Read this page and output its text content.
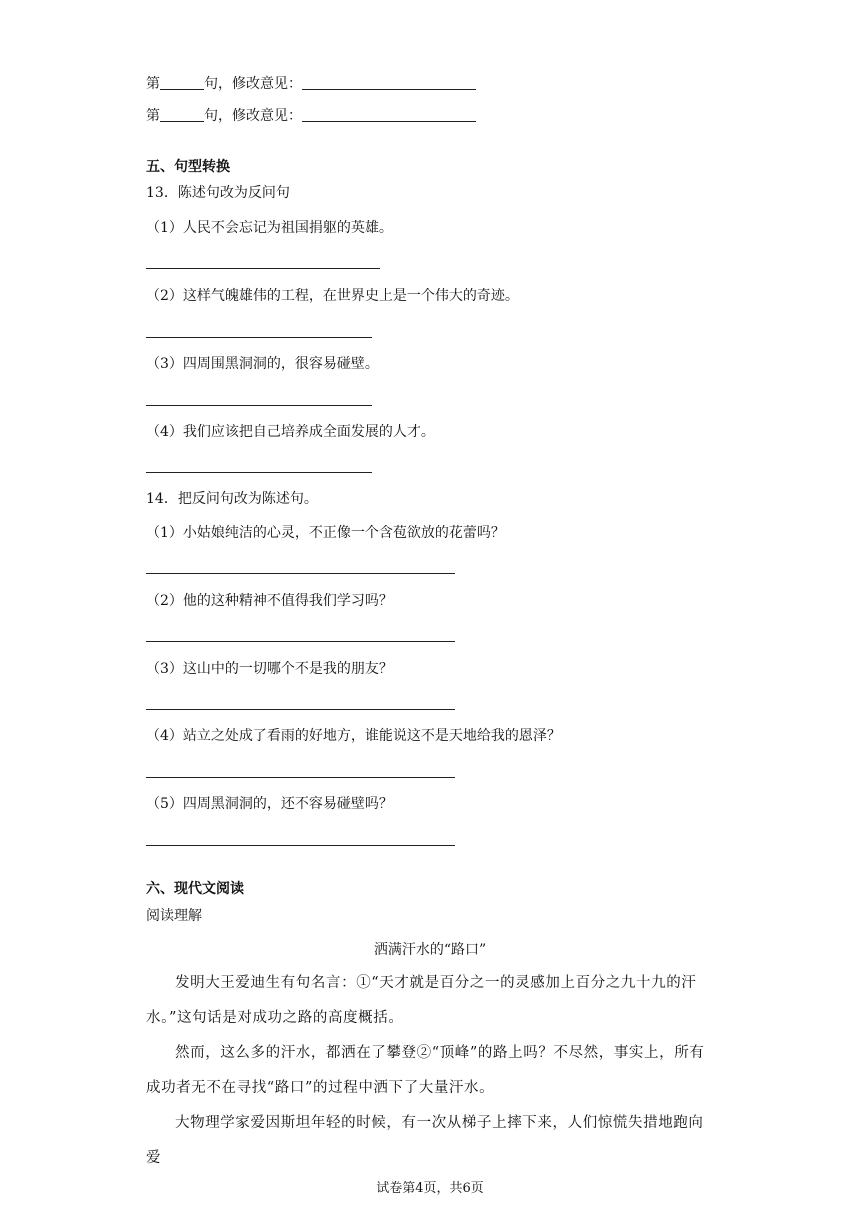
第	句，修改意见：
第	句，修改意见：
五、句型转换
13．陈述句改为反问句
（1）人民不会忘记为祖国捐躯的英雄。
（2）这样气魄雄伟的工程，在世界史上是一个伟大的奇迹。
（3）四周围黑洞洞的，很容易碰壁。
（4）我们应该把自己培养成全面发展的人才。
14．把反问句改为陈述句。
（1）小姑娘纯洁的心灵，不正像一个含苞欲放的花蕾吗？
（2）他的这种精神不值得我们学习吗？
（3）这山中的一切哪个不是我的朋友？
（4）站立之处成了看雨的好地方，谁能说这不是天地给我的恩泽？
（5）四周黑洞洞的，还不容易碰壁吗？
六、现代文阅读
阅读理解
洒满汗水的“路口”

发明大王爱迪生有句名言：①“天才就是百分之一的灵感加上百分之九十九的汗水。”这句话是对成功之路的高度概括。

然而，这么多的汗水，都洒在了攀登②“顶峰”的路上吗？不尽然，事实上，所有成功者无不在寻找“路口”的过程中洒下了大量汗水。

大物理学家爱因斯坦年轻的时候，有一次从梯子上摔下来，人们惊慌失措地跑向爱

试卷第4页，共6页
